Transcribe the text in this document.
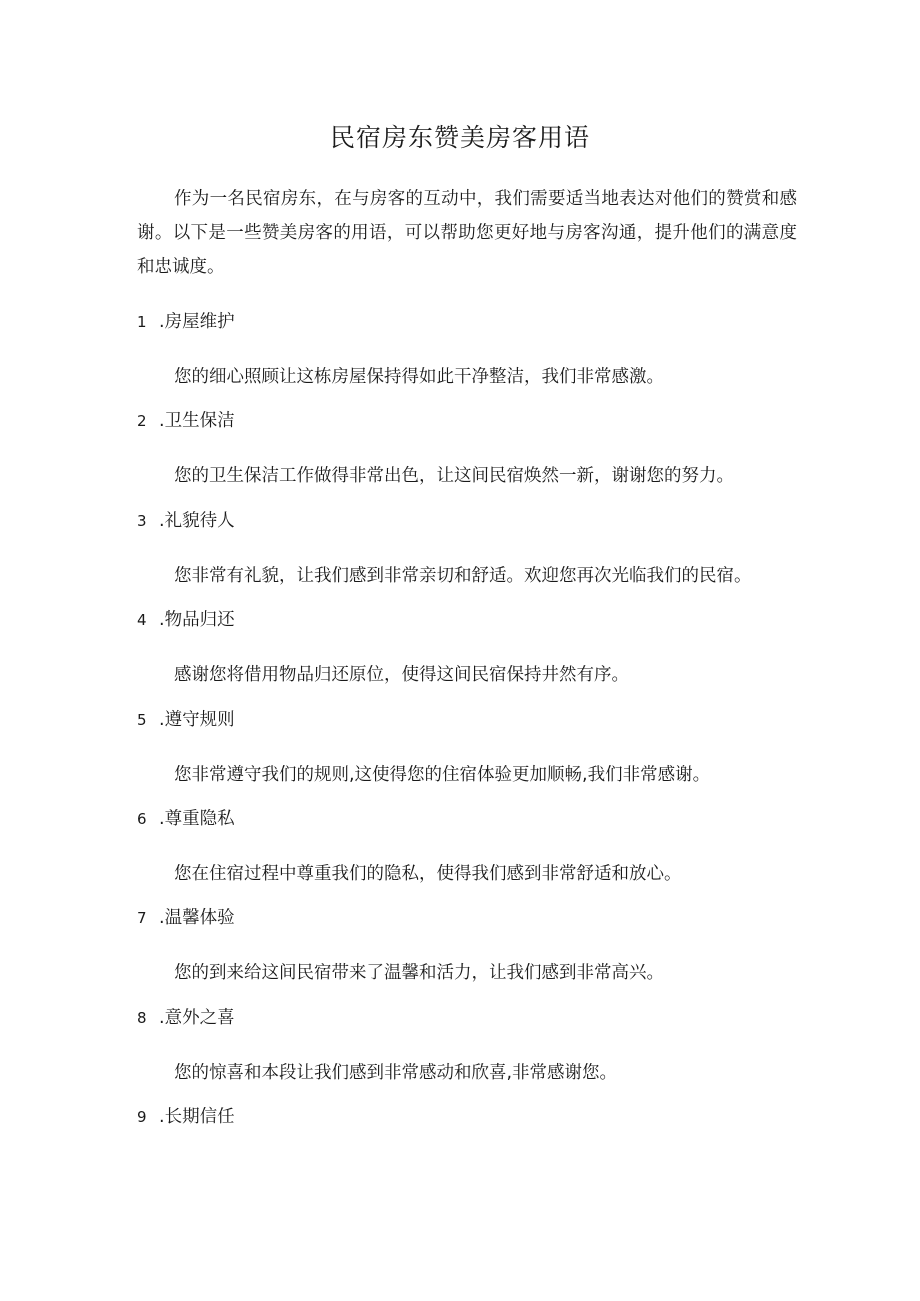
民宿房东赞美房客用语

作为一名民宿房东，在与房客的互动中，我们需要适当地表达对他们的赞赏和感谢。以下是一些赞美房客的用语，可以帮助您更好地与房客沟通，提升他们的满意度和忠诚度。

1 .房屋维护
您的细心照顾让这栋房屋保持得如此干净整洁，我们非常感激。
2 .卫生保洁
您的卫生保洁工作做得非常出色，让这间民宿焕然一新，谢谢您的努力。
3 .礼貌待人
您非常有礼貌，让我们感到非常亲切和舒适。欢迎您再次光临我们的民宿。
4 .物品归还
感谢您将借用物品归还原位，使得这间民宿保持井然有序。
5 .遵守规则
您非常遵守我们的规则,这使得您的住宿体验更加顺畅,我们非常感谢。
6 .尊重隐私
您在住宿过程中尊重我们的隐私，使得我们感到非常舒适和放心。
7 .温馨体验
您的到来给这间民宿带来了温馨和活力，让我们感到非常高兴。
8 .意外之喜
您的惊喜和本段让我们感到非常感动和欣喜,非常感谢您。
9 .长期信任
